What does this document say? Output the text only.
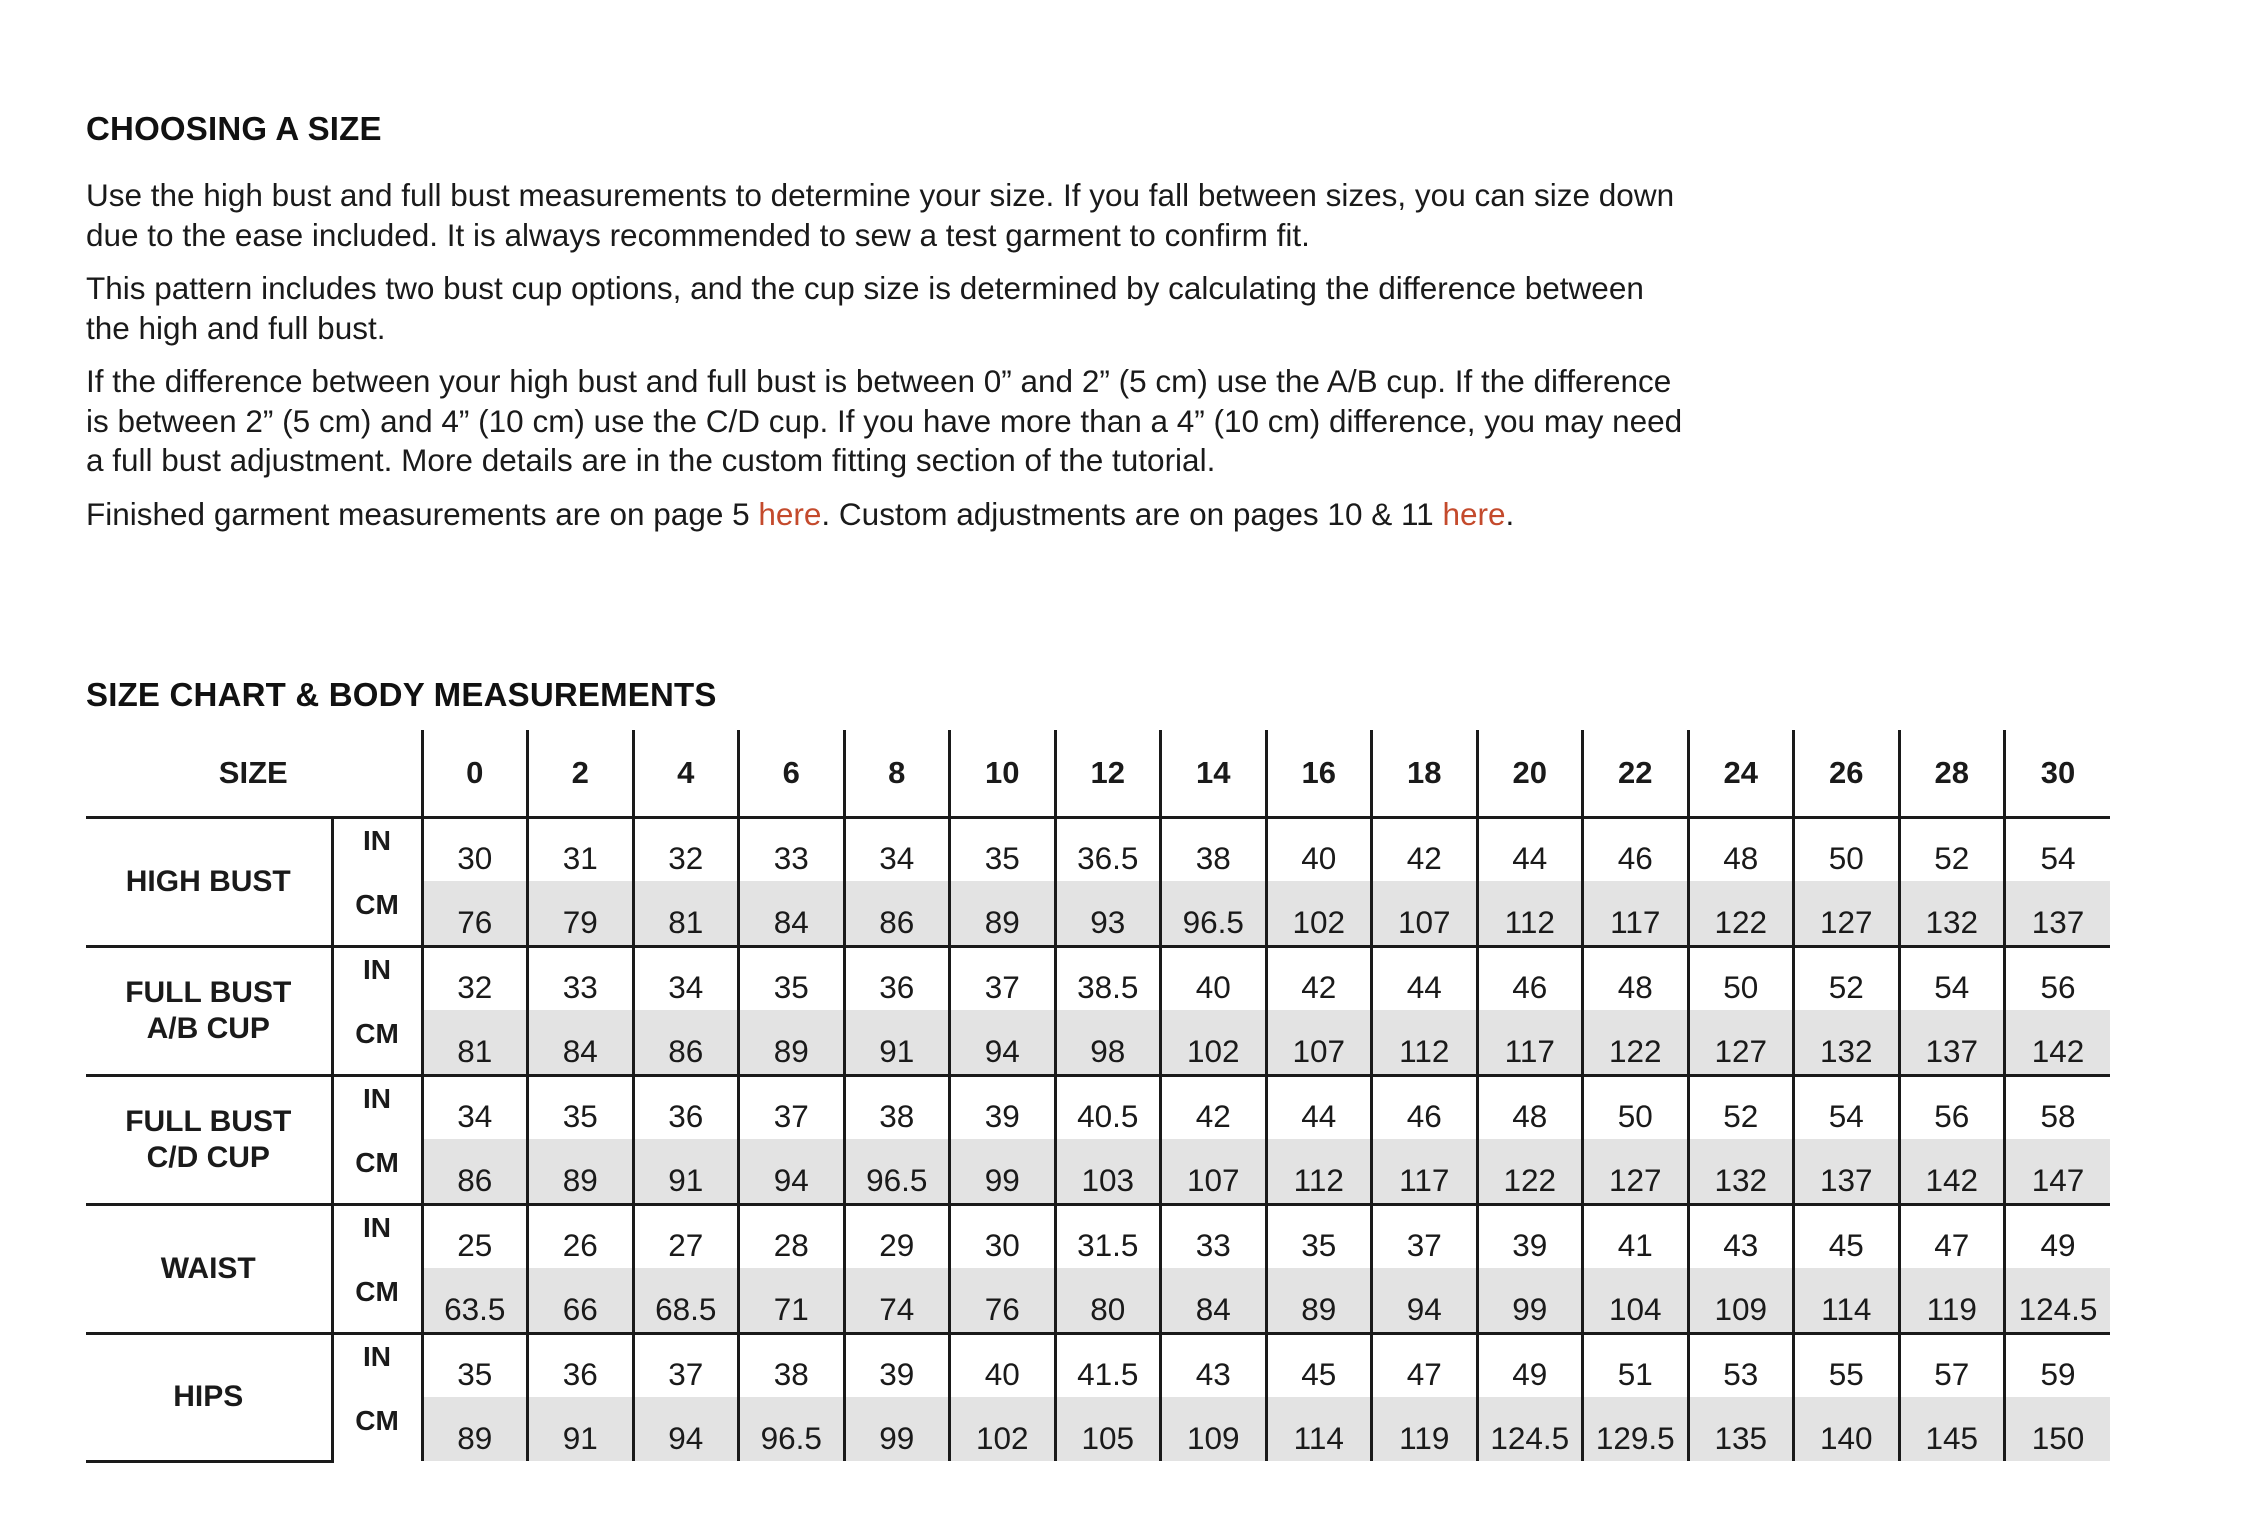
CHOOSING A SIZE

Use the high bust and full bust measurements to determine your size. If you fall between sizes, you can size down due to the ease included. It is always recommended to sew a test garment to confirm fit.

This pattern includes two bust cup options, and the cup size is determined by calculating the difference between the high and full bust.

If the difference between your high bust and full bust is between 0” and 2” (5 cm) use the A/B cup. If the difference is between 2” (5 cm) and 4” (10 cm) use the C/D cup. If you have more than a 4” (10 cm) difference, you may need a full bust adjustment. More details are in the custom fitting section of the tutorial.

Finished garment measurements are on page 5 here. Custom adjustments are on pages 10 & 11 here.

SIZE CHART & BODY MEASUREMENTS
SIZE		0	2	4	6	8	10	12	14	16	18	20	22	24	26	28	30

HIGH BUST	IN	30	31	32	33	34	35	36.5	38	40	42	44	46	48	50	52	54
	CM	76	79	81	84	86	89	93	96.5	102	107	112	117	122	127	132	137

FULL BUST
A/B CUP	IN	32	33	34	35	36	37	38.5	40	42	44	46	48	50	52	54	56
	CM	81	84	86	89	91	94	98	102	107	112	117	122	127	132	137	142

FULL BUST
C/D CUP	IN	34	35	36	37	38	39	40.5	42	44	46	48	50	52	54	56	58
	CM	86	89	91	94	96.5	99	103	107	112	117	122	127	132	137	142	147

WAIST	IN	25	26	27	28	29	30	31.5	33	35	37	39	41	43	45	47	49
	CM	63.5	66	68.5	71	74	76	80	84	89	94	99	104	109	114	119	124.5

HIPS	IN	35	36	37	38	39	40	41.5	43	45	47	49	51	53	55	57	59
	CM	89	91	94	96.5	99	102	105	109	114	119	124.5	129.5	135	140	145	150
